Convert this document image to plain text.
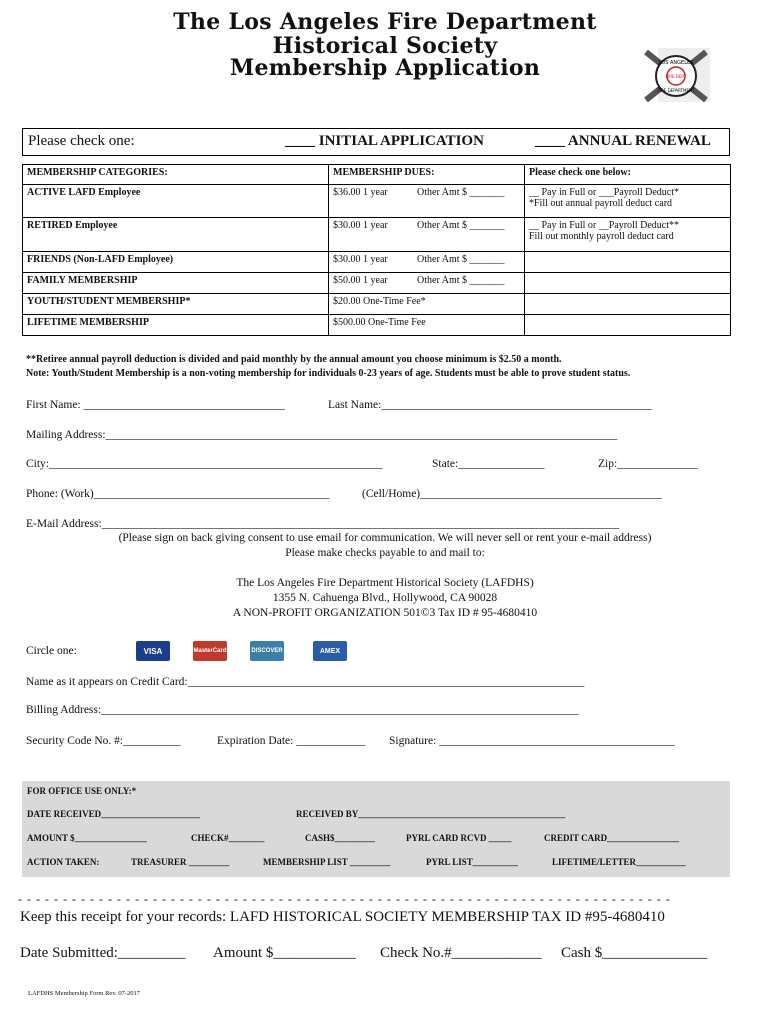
The Los Angeles Fire Department
Historical Society
Membership Application	LOS ANGELES
FIRE DEPT
FIRE DEPARTMENT
Please check one:	____ INITIAL APPLICATION	____ ANNUAL RENEWAL
MEMBERSHIP CATEGORIES:	MEMBERSHIP DUES:	Please check one below:
ACTIVE LAFD Employee	$36.00 1 year Other Amt $ _______	__ Pay in Full or ___Payroll Deduct*
*Fill out annual payroll deduct card

RETIRED Employee	$30.00 1 year Other Amt $ _______	__ Pay in Full or __Payroll Deduct**
Fill out monthly payroll deduct card

FRIENDS (Non-LAFD Employee)	$30.00 1 year Other Amt $ _______	
FAMILY MEMBERSHIP	$50.00 1 year Other Amt $ _______	
YOUTH/STUDENT MEMBERSHIP*	$20.00 One-Time Fee*	
LIFETIME MEMBERSHIP	$500.00 One-Time Fee	
**Retiree annual payroll deduction is divided and paid monthly by the annual amount you choose minimum is $2.50 a month.
Note: Youth/Student Membership is a non-voting membership for individuals 0-23 years of age. Students must be able to prove student status.
First Name: ___________________________________	Last Name:_______________________________________________
Mailing Address:_________________________________________________________________________________________
City:__________________________________________________________	State:_______________	Zip:______________
Phone: (Work)_________________________________________	(Cell/Home)__________________________________________
E-Mail Address:__________________________________________________________________________________________
(Please sign on back giving consent to use email for communication. We will never sell or rent your e-mail address)
Please make checks payable to and mail to:
The Los Angeles Fire Department Historical Society (LAFDHS)
1355 N. Cahuenga Blvd., Hollywood, CA 90028
A NON-PROFIT ORGANIZATION 501©3 Tax ID # 95-4680410
Circle one:	VISA	MasterCard	DISCOVER	AMEX
Name as it appears on Credit Card:_____________________________________________________________________
Billing Address:___________________________________________________________________________________
Security Code No. #:__________	Expiration Date: ____________ Signature: _________________________________________
FOR OFFICE USE ONLY:*
DATE RECEIVED______________________	RECEIVED BY______________________________________________
AMOUNT $________________	CHECK#________	CASH$_________	PYRL CARD RCVD _____	CREDIT CARD________________
ACTION TAKEN:	TREASURER _________	MEMBERSHIP LIST _________	PYRL LIST__________	LIFETIME/LETTER___________
- - - - - - - - - - - - - - - - - - - - - - - - - - - - - - - - - - - - - - - - - - - - - - - - - - - - - - - - - - - - - - - - - - - - - - - - -
Keep this receipt for your records: LAFD HISTORICAL SOCIETY MEMBERSHIP TAX ID #95-4680410
Date Submitted:_________ Amount $___________ Check No.#____________ Cash $______________
LAFDHS Membership Form Rev. 07-2017
